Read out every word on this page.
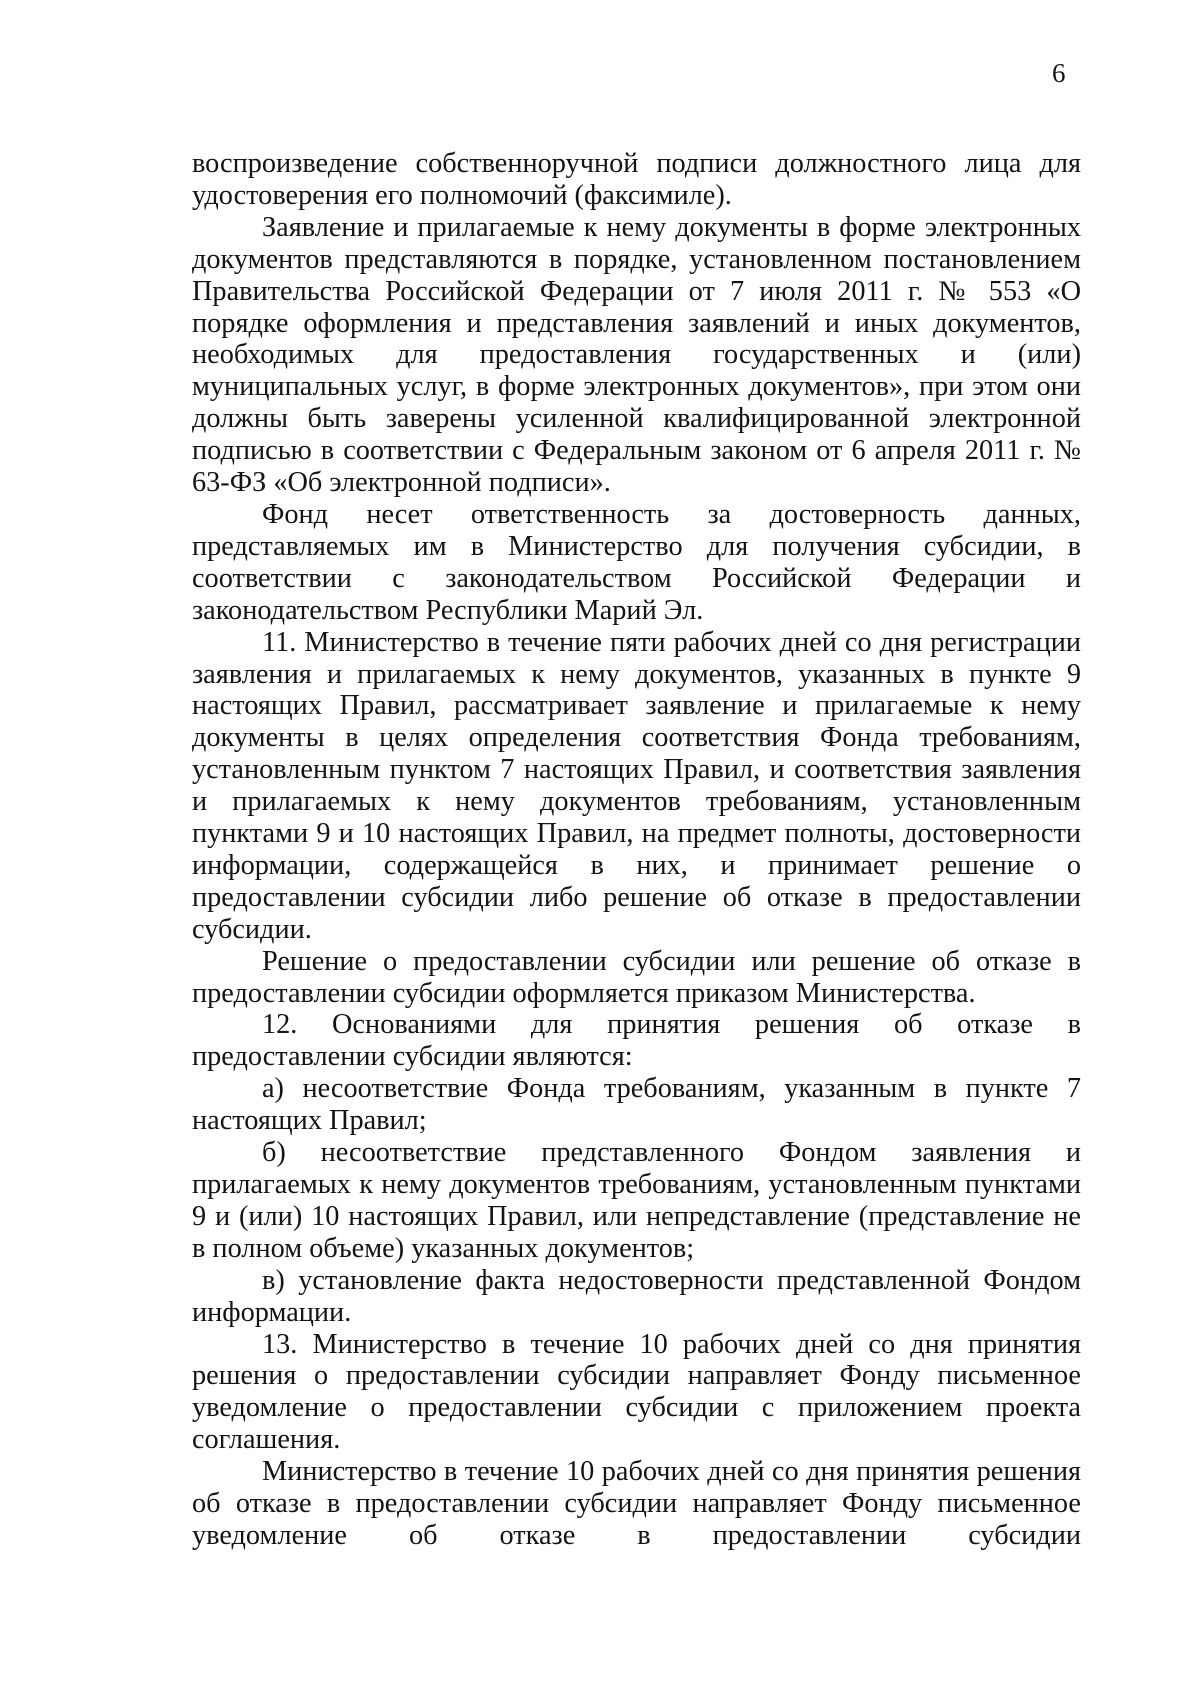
6

воспроизведение собственноручной подписи должностного лица для удостоверения его полномочий (факсимиле).

Заявление и прилагаемые к нему документы в форме электронных документов представляются в порядке, установленном постановлением Правительства Российской Федерации от 7 июля 2011 г. № 553 «О порядке оформления и представления заявлений и иных документов, необходимых для предоставления государственных и (или) муниципальных услуг, в форме электронных документов», при этом они должны быть заверены усиленной квалифицированной электронной подписью в соответствии с Федеральным законом от 6 апреля 2011 г. № 63-ФЗ «Об электронной подписи».

Фонд несет ответственность за достоверность данных, представляемых им в Министерство для получения субсидии, в соответствии с законодательством Российской Федерации и законодательством Республики Марий Эл.

11. Министерство в течение пяти рабочих дней со дня регистрации заявления и прилагаемых к нему документов, указанных в пункте 9 настоящих Правил, рассматривает заявление и прилагаемые к нему документы в целях определения соответствия Фонда требованиям, установленным пунктом 7 настоящих Правил, и соответствия заявления и прилагаемых к нему документов требованиям, установленным пунктами 9 и 10 настоящих Правил, на предмет полноты, достоверности информации, содержащейся в них, и принимает решение о предоставлении субсидии либо решение об отказе в предоставлении субсидии.

Решение о предоставлении субсидии или решение об отказе в предоставлении субсидии оформляется приказом Министерства.

12. Основаниями для принятия решения об отказе в предоставлении субсидии являются:

а) несоответствие Фонда требованиям, указанным в пункте 7 настоящих Правил;

б) несоответствие представленного Фондом заявления и прилагаемых к нему документов требованиям, установленным пунктами 9 и (или) 10 настоящих Правил, или непредставление (представление не в полном объеме) указанных документов;

в) установление факта недостоверности представленной Фондом информации.

13. Министерство в течение 10 рабочих дней со дня принятия решения о предоставлении субсидии направляет Фонду письменное уведомление о предоставлении субсидии с приложением проекта соглашения.

Министерство в течение 10 рабочих дней со дня принятия решения об отказе в предоставлении субсидии направляет Фонду письменное уведомление об отказе в предоставлении субсидии
